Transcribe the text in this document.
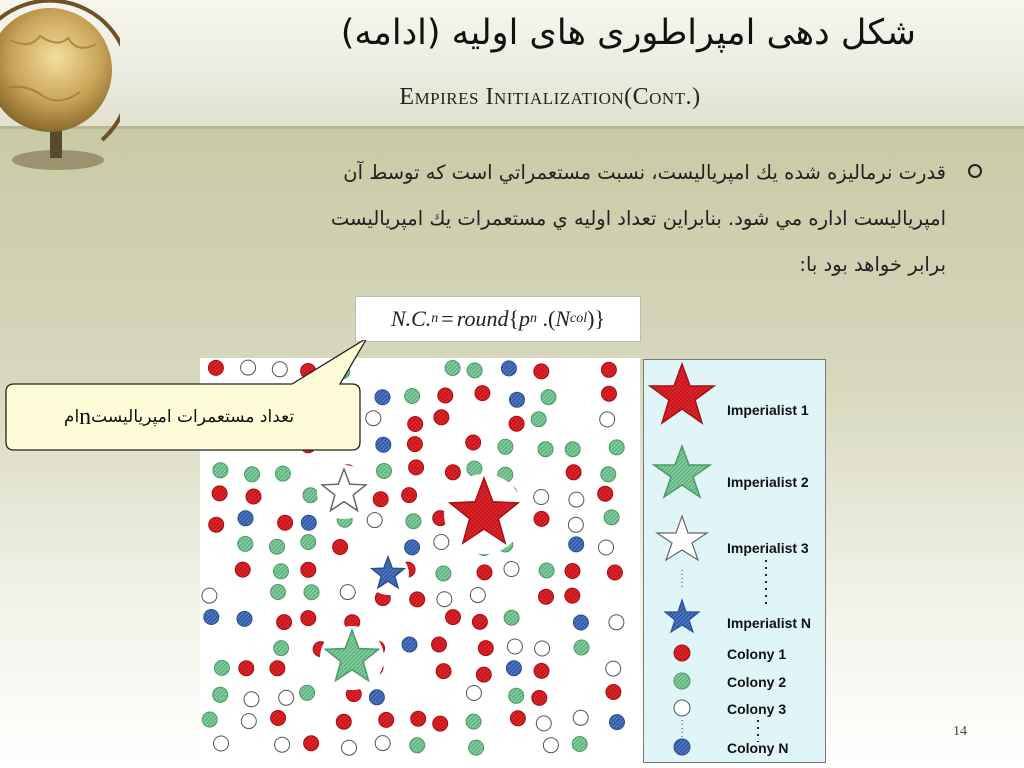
شکل دهی امپراطوری های اولیه (ادامه)
Empires Initialization(Cont.)
قدرت نرماليزه شده يك امپرياليست، نسبت مستعمراتي است كه توسط آن
امپرياليست اداره مي شود. بنابراين تعداد اوليه ي مستعمرات يك امپرياليست
برابر خواهد بود با:
N.C. n = round { p n .( N col )}
Imperialist 1
Imperialist 2
Imperialist 3
Imperialist N
Colony 1
Colony 2
Colony 3
Colony N
تعداد مستعمرات امپریالیست
n
ام
14
